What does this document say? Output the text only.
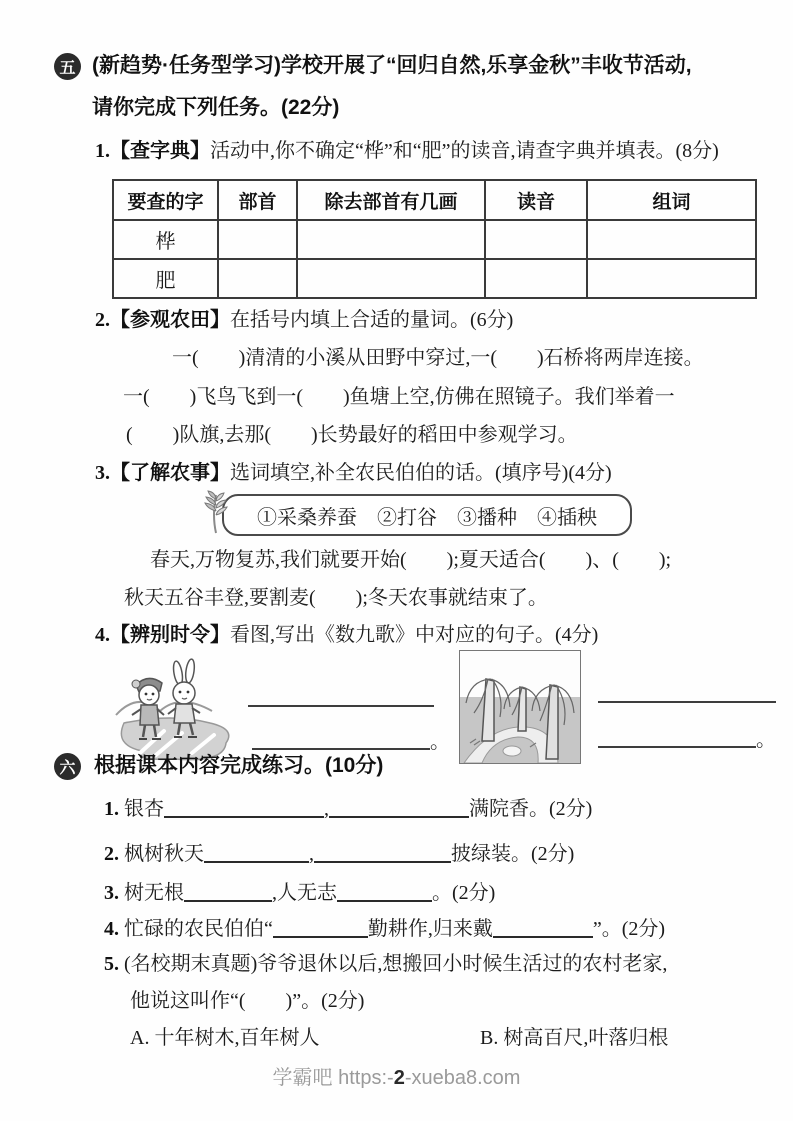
五 (新趋势·任务型学习)学校开展了“回归自然,乐享金秋”丰收节活动,
请你完成下列任务。(22分)
1.【查字典】活动中,你不确定“桦”和“肥”的读音,请查字典并填表。(8分)
要查的字	部首	除去部首有几画	读音	组词
桦				
肥				
2.【参观农田】在括号内填上合适的量词。(6分)
一(　　)清清的小溪从田野中穿过,一(　　)石桥将两岸连接。
一(　　)飞鸟飞到一(　　)鱼塘上空,仿佛在照镜子。我们举着一
(　　)队旗,去那(　　)长势最好的稻田中参观学习。
3.【了解农事】选词填空,补全农民伯伯的话。(填序号)(4分)
①采桑养蚕　②打谷　③播种　④插秧
春天,万物复苏,我们就要开始(　　);夏天适合(　　)、(　　);
秋天五谷丰登,要割麦(　　);冬天农事就结束了。
4.【辨别时令】看图,写出《数九歌》中对应的句子。(4分)
。	。
六 根据课本内容完成练习。(10分)
1. 银杏	,	满院香。(2分)
2. 枫树秋天	,	披绿装。(2分)
3. 树无根	,人无志	。(2分)
4. 忙碌的农民伯伯“	勤耕作,归来戴	”。(2分)
5. (名校期末真题)爷爷退休以后,想搬回小时候生活过的农村老家,
他说这叫作“(　　)”。(2分)
A. 十年树木,百年树人	B. 树高百尺,叶落归根
学霸吧 https:-2-xueba8.com
